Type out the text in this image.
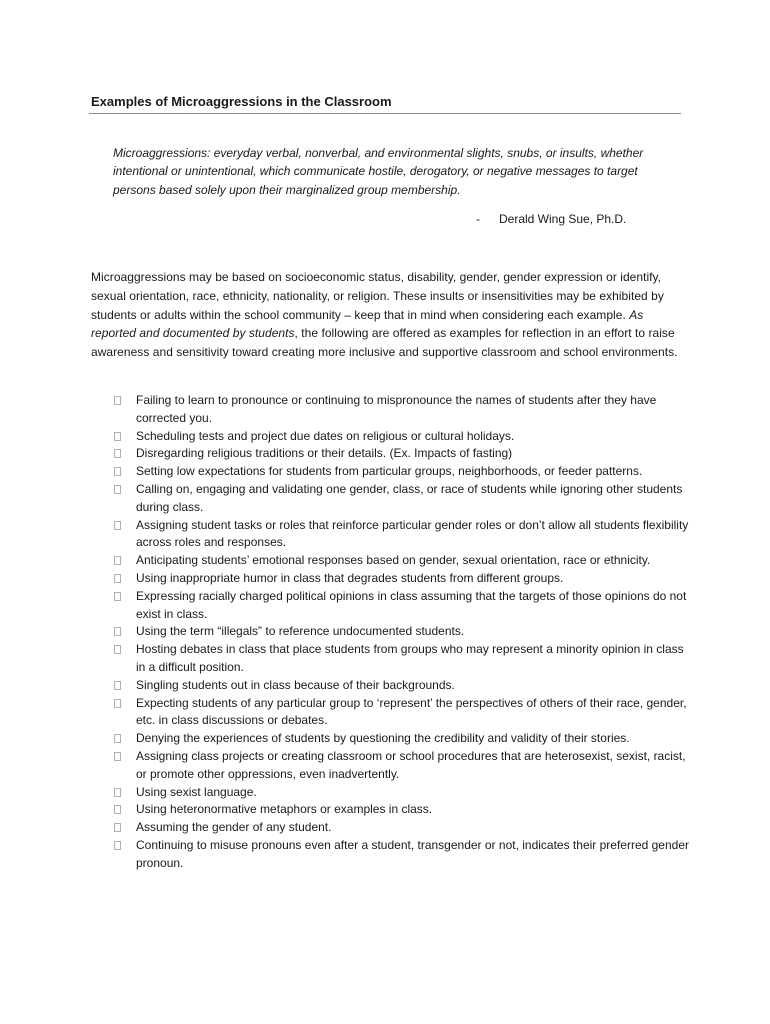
Examples of Microaggressions in the Classroom
Microaggressions: everyday verbal, nonverbal, and environmental slights, snubs, or insults, whether intentional or unintentional, which communicate hostile, derogatory, or negative messages to target persons based solely upon their marginalized group membership.
- Derald Wing Sue, Ph.D.
Microaggressions may be based on socioeconomic status, disability, gender, gender expression or identify, sexual orientation, race, ethnicity, nationality, or religion. These insults or insensitivities may be exhibited by students or adults within the school community – keep that in mind when considering each example. As reported and documented by students, the following are offered as examples for reflection in an effort to raise awareness and sensitivity toward creating more inclusive and supportive classroom and school environments.
Failing to learn to pronounce or continuing to mispronounce the names of students after they have corrected you.
Scheduling tests and project due dates on religious or cultural holidays.
Disregarding religious traditions or their details. (Ex. Impacts of fasting)
Setting low expectations for students from particular groups, neighborhoods, or feeder patterns.
Calling on, engaging and validating one gender, class, or race of students while ignoring other students during class.
Assigning student tasks or roles that reinforce particular gender roles or don’t allow all students flexibility across roles and responses.
Anticipating students’ emotional responses based on gender, sexual orientation, race or ethnicity.
Using inappropriate humor in class that degrades students from different groups.
Expressing racially charged political opinions in class assuming that the targets of those opinions do not exist in class.
Using the term “illegals” to reference undocumented students.
Hosting debates in class that place students from groups who may represent a minority opinion in class in a difficult position.
Singling students out in class because of their backgrounds.
Expecting students of any particular group to ‘represent’ the perspectives of others of their race, gender, etc. in class discussions or debates.
Denying the experiences of students by questioning the credibility and validity of their stories.
Assigning class projects or creating classroom or school procedures that are heterosexist, sexist, racist, or promote other oppressions, even inadvertently.
Using sexist language.
Using heteronormative metaphors or examples in class.
Assuming the gender of any student.
Continuing to misuse pronouns even after a student, transgender or not, indicates their preferred gender pronoun.
